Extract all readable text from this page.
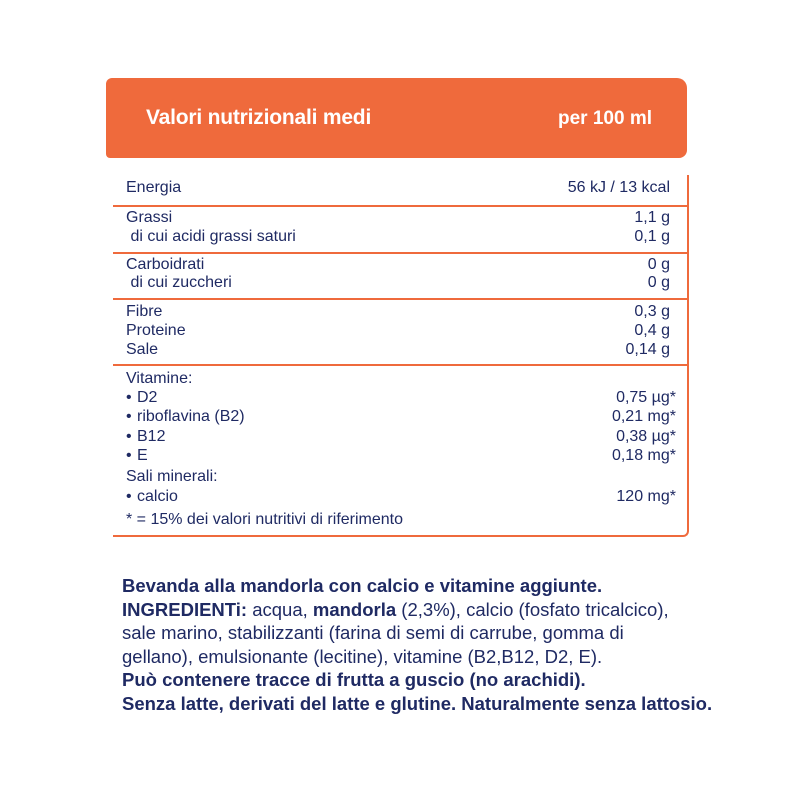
Valori nutrizionali medi	per 100 ml
Energia	56 kJ / 13 kcal
Grassi	1,1 g
di cui acidi grassi saturi	0,1 g
Carboidrati	0 g
di cui zuccheri	0 g
Fibre	0,3 g
Proteine	0,4 g
Sale	0,14 g
Vitamine:
• D2	0,75 µg*
• riboflavina (B2)	0,21 mg*
• B12	0,38 µg*
• E	0,18 mg*
Sali minerali:
• calcio	120 mg*
* = 15% dei valori nutritivi di riferimento
Bevanda alla mandorla con calcio e vitamine aggiunte.
INGREDIENTi: acqua, mandorla (2,3%), calcio (fosfato tricalcico),
sale marino, stabilizzanti (farina di semi di carrube, gomma di
gellano), emulsionante (lecitine), vitamine (B2,B12, D2, E).
Può contenere tracce di frutta a guscio (no arachidi).
Senza latte, derivati del latte e glutine. Naturalmente senza lattosio.
